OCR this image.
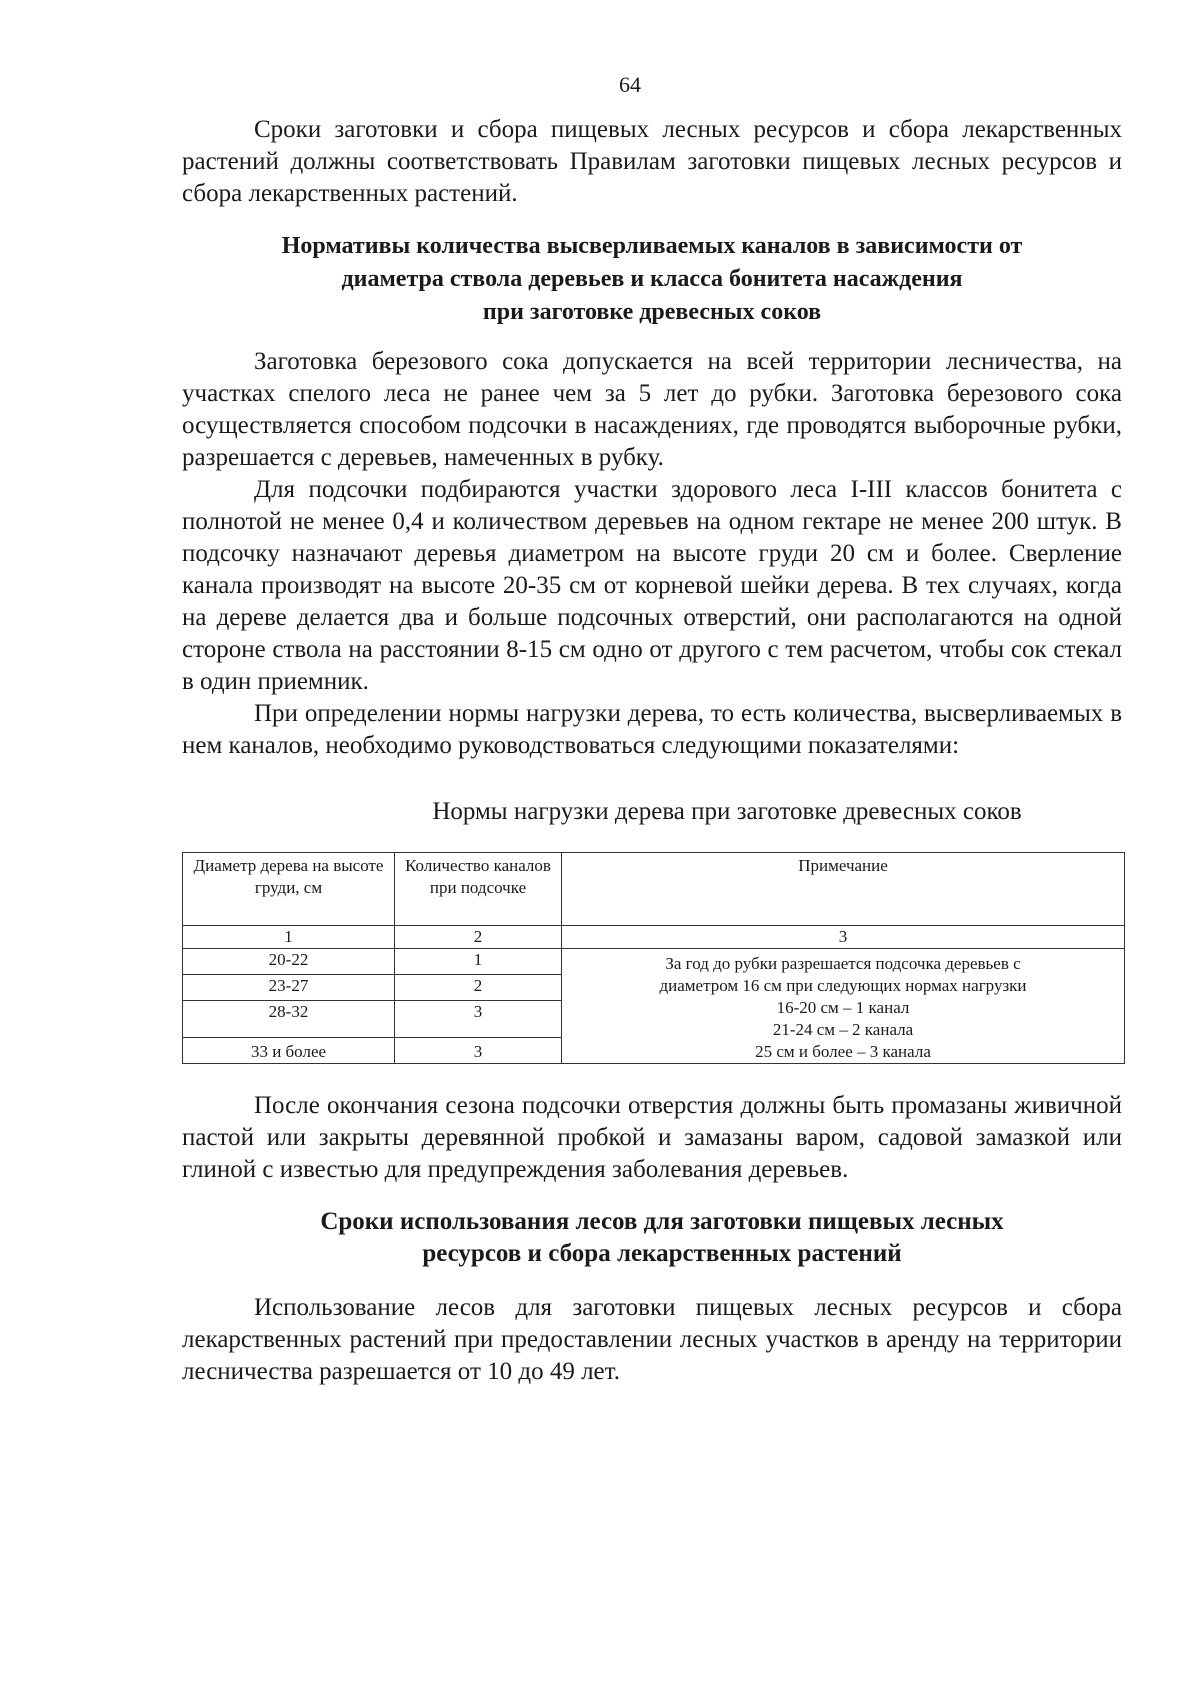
64

Сроки заготовки и сбора пищевых лесных ресурсов и сбора лекарственных растений должны соответствовать Правилам заготовки пищевых лесных ресурсов и сбора лекарственных растений.

Нормативы количества высверливаемых каналов в зависимости от
диаметра ствола деревьев и класса бонитета насаждения
при заготовке древесных соков

Заготовка березового сока допускается на всей территории лесничества, на участках спелого леса не ранее чем за 5 лет до рубки. Заготовка березового сока осуществляется способом подсочки в насаждениях, где проводятся выборочные рубки, разрешается с деревьев, намеченных в рубку.

Для подсочки подбираются участки здорового леса I-III классов бонитета с полнотой не менее 0,4 и количеством деревьев на одном гектаре не менее 200 штук. В подсочку назначают деревья диаметром на высоте груди 20 см и более. Сверление канала производят на высоте 20-35 см от корневой шейки дерева. В тех случаях, когда на дереве делается два и больше подсочных отверстий, они располагаются на одной стороне ствола на расстоянии 8-15 см одно от другого с тем расчетом, чтобы сок стекал в один приемник.

При определении нормы нагрузки дерева, то есть количества, высверливаемых в нем каналов, необходимо руководствоваться следующими показателями:

Нормы нагрузки дерева при заготовке древесных соков
Диаметр дерева на высоте груди, см	Количество каналов при подсочке	Примечание
1	2	3
20-22	1	За год до рубки разрешается подсочка деревьев с
диаметром 16 см при следующих нормах нагрузки
16-20 см – 1 канал
21-24 см – 2 канала
25 см и более – 3 канала

23-27	2	
28-32	3	
33 и более	3	

После окончания сезона подсочки отверстия должны быть промазаны живичной пастой или закрыты деревянной пробкой и замазаны варом, садовой замазкой или глиной с известью для предупреждения заболевания деревьев.

Сроки использования лесов для заготовки пищевых лесных
ресурсов и сбора лекарственных растений

Использование лесов для заготовки пищевых лесных ресурсов и сбора лекарственных растений при предоставлении лесных участков в аренду на территории лесничества разрешается от 10 до 49 лет.
